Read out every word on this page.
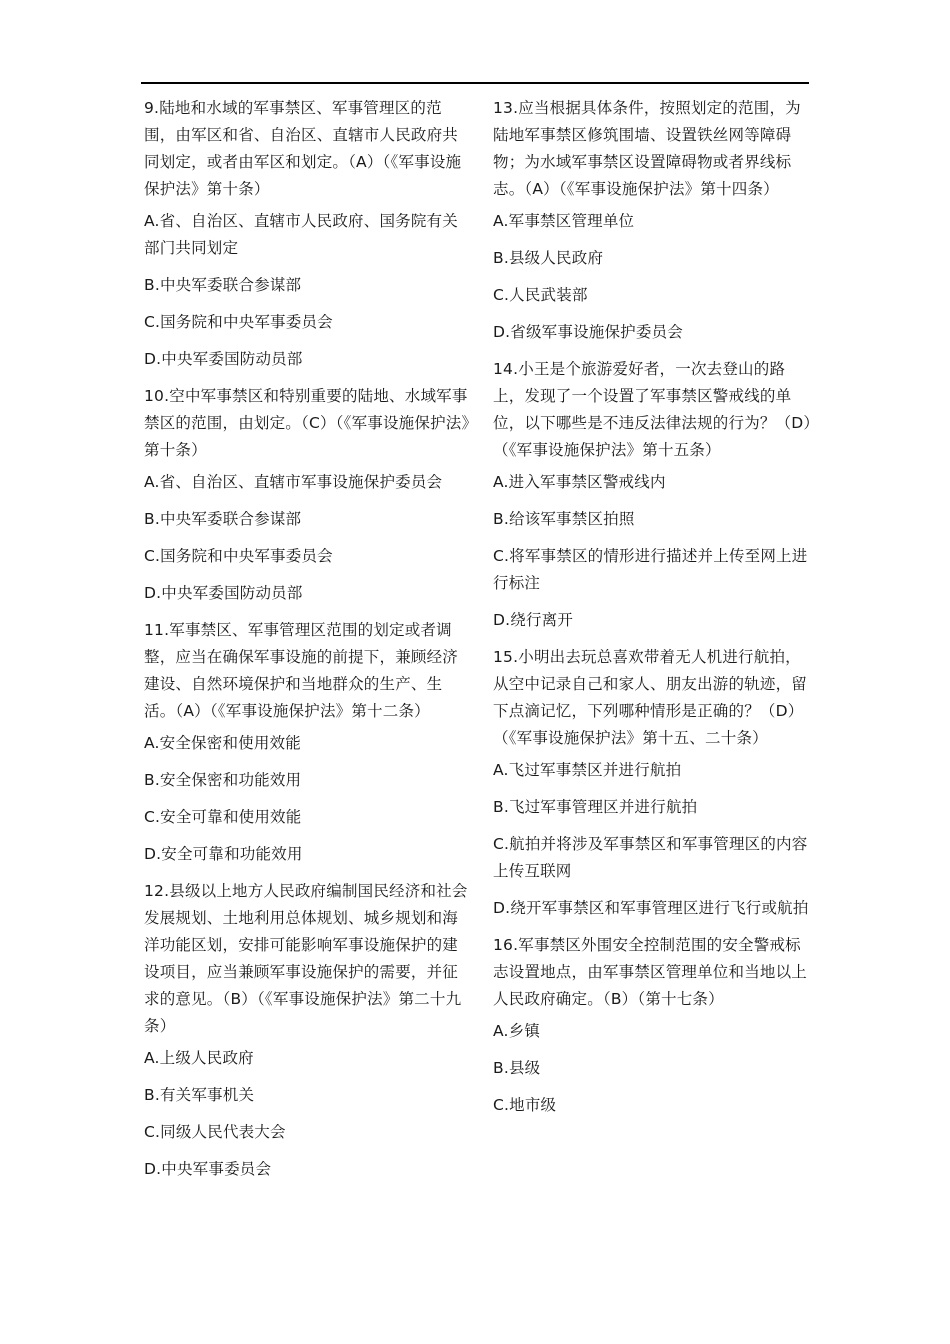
9.陆地和水域的军事禁区、军事管理区的范围，由军区和省、自治区、直辖市人民政府共同划定，或者由军区和划定。（A）（《军事设施保护法》第十条）

A.省、自治区、直辖市人民政府、国务院有关部门共同划定

B.中央军委联合参谋部

C.国务院和中央军事委员会

D.中央军委国防动员部

10.空中军事禁区和特别重要的陆地、水域军事禁区的范围，由划定。（C）（《军事设施保护法》第十条）

A.省、自治区、直辖市军事设施保护委员会

B.中央军委联合参谋部

C.国务院和中央军事委员会

D.中央军委国防动员部

11.军事禁区、军事管理区范围的划定或者调整，应当在确保军事设施的前提下，兼顾经济建设、自然环境保护和当地群众的生产、生活。（A）（《军事设施保护法》第十二条）

A.安全保密和使用效能

B.安全保密和功能效用

C.安全可靠和使用效能

D.安全可靠和功能效用

12.县级以上地方人民政府编制国民经济和社会发展规划、土地利用总体规划、城乡规划和海洋功能区划，安排可能影响军事设施保护的建设项目，应当兼顾军事设施保护的需要，并征求的意见。（B）（《军事设施保护法》第二十九条）

A.上级人民政府

B.有关军事机关

C.同级人民代表大会

D.中央军事委员会

13.应当根据具体条件，按照划定的范围，为陆地军事禁区修筑围墙、设置铁丝网等障碍物；为水域军事禁区设置障碍物或者界线标志。（A）（《军事设施保护法》第十四条）

A.军事禁区管理单位

B.县级人民政府

C.人民武装部

D.省级军事设施保护委员会

14.小王是个旅游爱好者，一次去登山的路上，发现了一个设置了军事禁区警戒线的单位，以下哪些是不违反法律法规的行为？（D）（《军事设施保护法》第十五条）

A.进入军事禁区警戒线内

B.给该军事禁区拍照

C.将军事禁区的情形进行描述并上传至网上进行标注

D.绕行离开

15.小明出去玩总喜欢带着无人机进行航拍，从空中记录自己和家人、朋友出游的轨迹，留下点滴记忆，下列哪种情形是正确的？（D）（《军事设施保护法》第十五、二十条）

A.飞过军事禁区并进行航拍

B.飞过军事管理区并进行航拍

C.航拍并将涉及军事禁区和军事管理区的内容上传互联网

D.绕开军事禁区和军事管理区进行飞行或航拍

16.军事禁区外围安全控制范围的安全警戒标志设置地点，由军事禁区管理单位和当地以上人民政府确定。（B）（第十七条）

A.乡镇

B.县级

C.地市级
